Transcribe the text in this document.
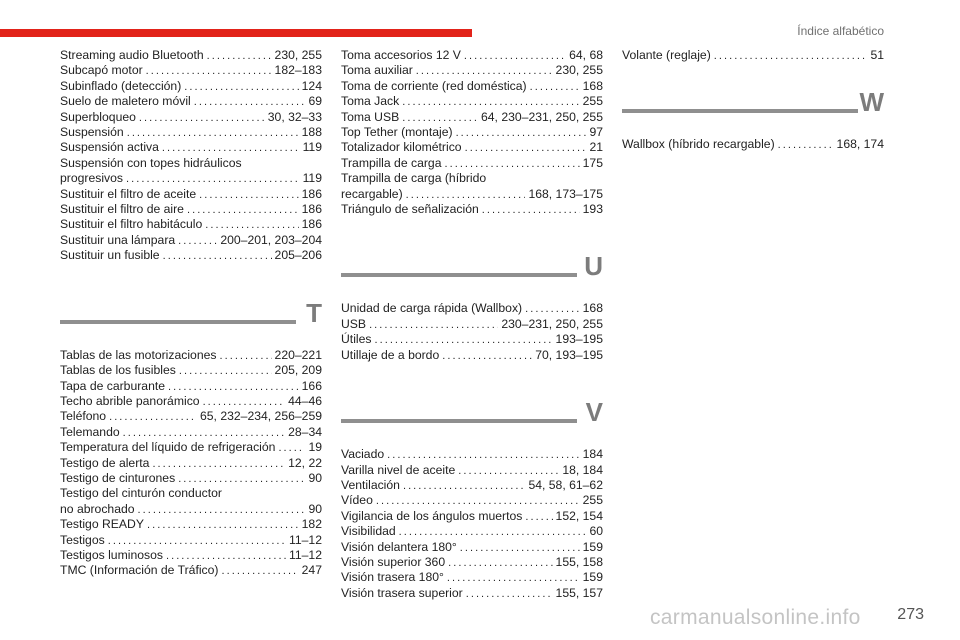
Índice alfabético
Streaming audio Bluetooth . . .	230, 255
Subcapó motor . . .	182–183
Subinflado (detección) . . .	124
Suelo de maletero móvil . . .	69
Superbloqueo . . .	30, 32–33
Suspensión . . .	188
Suspensión activa . . .	119
Suspensión con topes hidráulicos
progresivos . . .	119
Sustituir el filtro de aceite . . .	186
Sustituir el filtro de aire . . .	186
Sustituir el filtro habitáculo . . .	186
Sustituir una lámpara . . .	200–201, 203–204
Sustituir un fusible . . .	205–206
T
Tablas de las motorizaciones . . .	220–221
Tablas de los fusibles . . .	205, 209
Tapa de carburante . . .	166
Techo abrible panorámico . . .	44–46
Teléfono . . .	65, 232–234, 256–259
Telemando . . .	28–34
Temperatura del líquido de refrigeración . . .	19
Testigo de alerta . . .	12, 22
Testigo de cinturones . . .	90
Testigo del cinturón conductor
no abrochado . . .	90
Testigo READY . . .	182
Testigos . . .	11–12
Testigos luminosos . . .	11–12
TMC (Información de Tráfico) . . .	247
Toma accesorios 12 V . . .	64, 68
Toma auxiliar . . .	230, 255
Toma de corriente (red doméstica) . . .	168
Toma Jack . . .	255
Toma USB . . .	64, 230–231, 250, 255
Top Tether (montaje) . . .	97
Totalizador kilométrico . . .	21
Trampilla de carga . . .	175
Trampilla de carga (híbrido
recargable) . . .	168, 173–175
Triángulo de señalización . . .	193
U
Unidad de carga rápida (Wallbox) . . .	168
USB . . .	230–231, 250, 255
Útiles . . .	193–195
Utillaje de a bordo . . .	70, 193–195
V
Vaciado . . .	184
Varilla nivel de aceite . . .	18, 184
Ventilación . . .	54, 58, 61–62
Vídeo . . .	255
Vigilancia de los ángulos muertos . . .	152, 154
Visibilidad . . .	60
Visión delantera 180° . . .	159
Visión superior 360 . . .	155, 158
Visión trasera 180° . . .	159
Visión trasera superior . . .	155, 157
Volante (reglaje) . . .	51
W
Wallbox (híbrido recargable) . . .	168, 174
carmanualsonline.info 273
